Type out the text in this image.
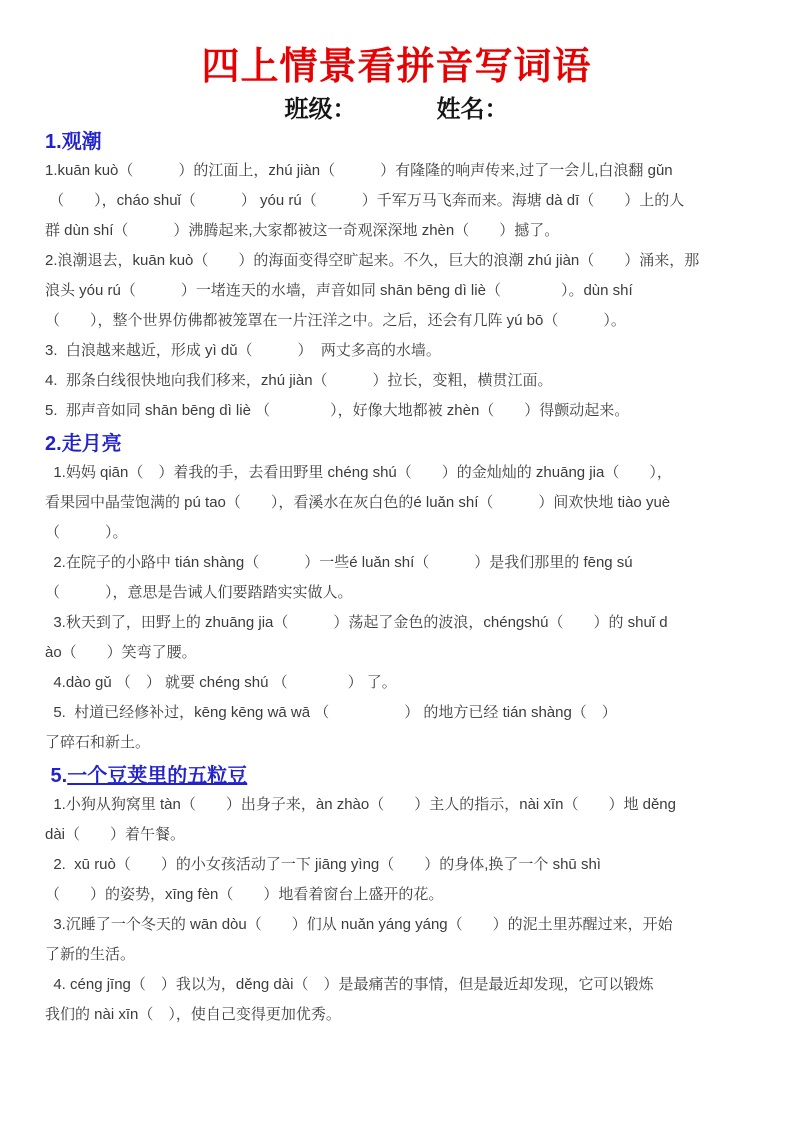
四上情景看拼音写词语
班级：	姓名：
1.观潮
1.kuān kuò（　　　）的江面上，zhú jiàn（　　　）有隆隆的响声传来,过了一会儿,白浪翻 gǔn
（　　），cháo shuǐ（　　　） yóu rú（　　　）千军万马飞奔而来。海塘 dà dī（　　）上的人
群 dùn shí（　　　）沸腾起来,大家都被这一奇观深深地 zhèn（　　）撼了。
2.浪潮退去，kuān kuò（　　）的海面变得空旷起来。不久，巨大的浪潮 zhú jiàn（　　）涌来，那
浪头 yóu rú（　　　）一堵连天的水墙，声音如同 shān bēng dì liè（　　　　）。dùn shí
（　　），整个世界仿佛都被笼罩在一片汪洋之中。之后，还会有几阵 yú bō（　　　）。
3.  白浪越来越近，形成 yì dǔ（　　　）  两丈多高的水墙。
4.  那条白线很快地向我们移来，zhú jiàn（　　　）拉长，变粗，横贯江面。
5.  那声音如同 shān bēng dì liè （　　　　），好像大地都被 zhèn（　　）得颤动起来。
2.走月亮
1.妈妈 qiān（　）着我的手，去看田野里 chéng shú（　　）的金灿灿的 zhuāng jia（　　），
看果园中晶莹饱满的 pú tao（　　），看溪水在灰白色的é luǎn shí（　　　）间欢快地 tiào yuè
（　　　）。
2.在院子的小路中 tián shàng（　　　）一些é luǎn shí（　　　）是我们那里的 fēng sú
（　　　），意思是告诫人们要踏踏实实做人。
3.秋天到了，田野上的 zhuāng jia（　　　）荡起了金色的波浪，chéngshú（　　）的 shuǐ d
ào（　　）笑弯了腰。
4.dào gǔ （　） 就要 chéng shú （　　　　） 了。
5.  村道已经修补过，kēng kēng wā wā （　　　　　） 的地方已经 tián shàng（　）
了碎石和新土。
5.一个豆荚里的五粒豆
1.小狗从狗窝里 tàn（　　）出身子来，àn zhào（　　）主人的指示，nài xīn（　　）地 děng
dài（　　）着午餐。
2.  xū ruò（　　）的小女孩活动了一下 jiāng yìng（　　）的身体,换了一个 shū shì
（　　）的姿势，xīng fèn（　　）地看着窗台上盛开的花。
3.沉睡了一个冬天的 wān dòu（　　）们从 nuǎn yáng yáng（　　）的泥土里苏醒过来，开始
了新的生活。
4. céng jīng（　）我以为，děng dài（　）是最痛苦的事情，但是最近却发现，它可以锻炼
我们的 nài xīn（　），使自己变得更加优秀。
